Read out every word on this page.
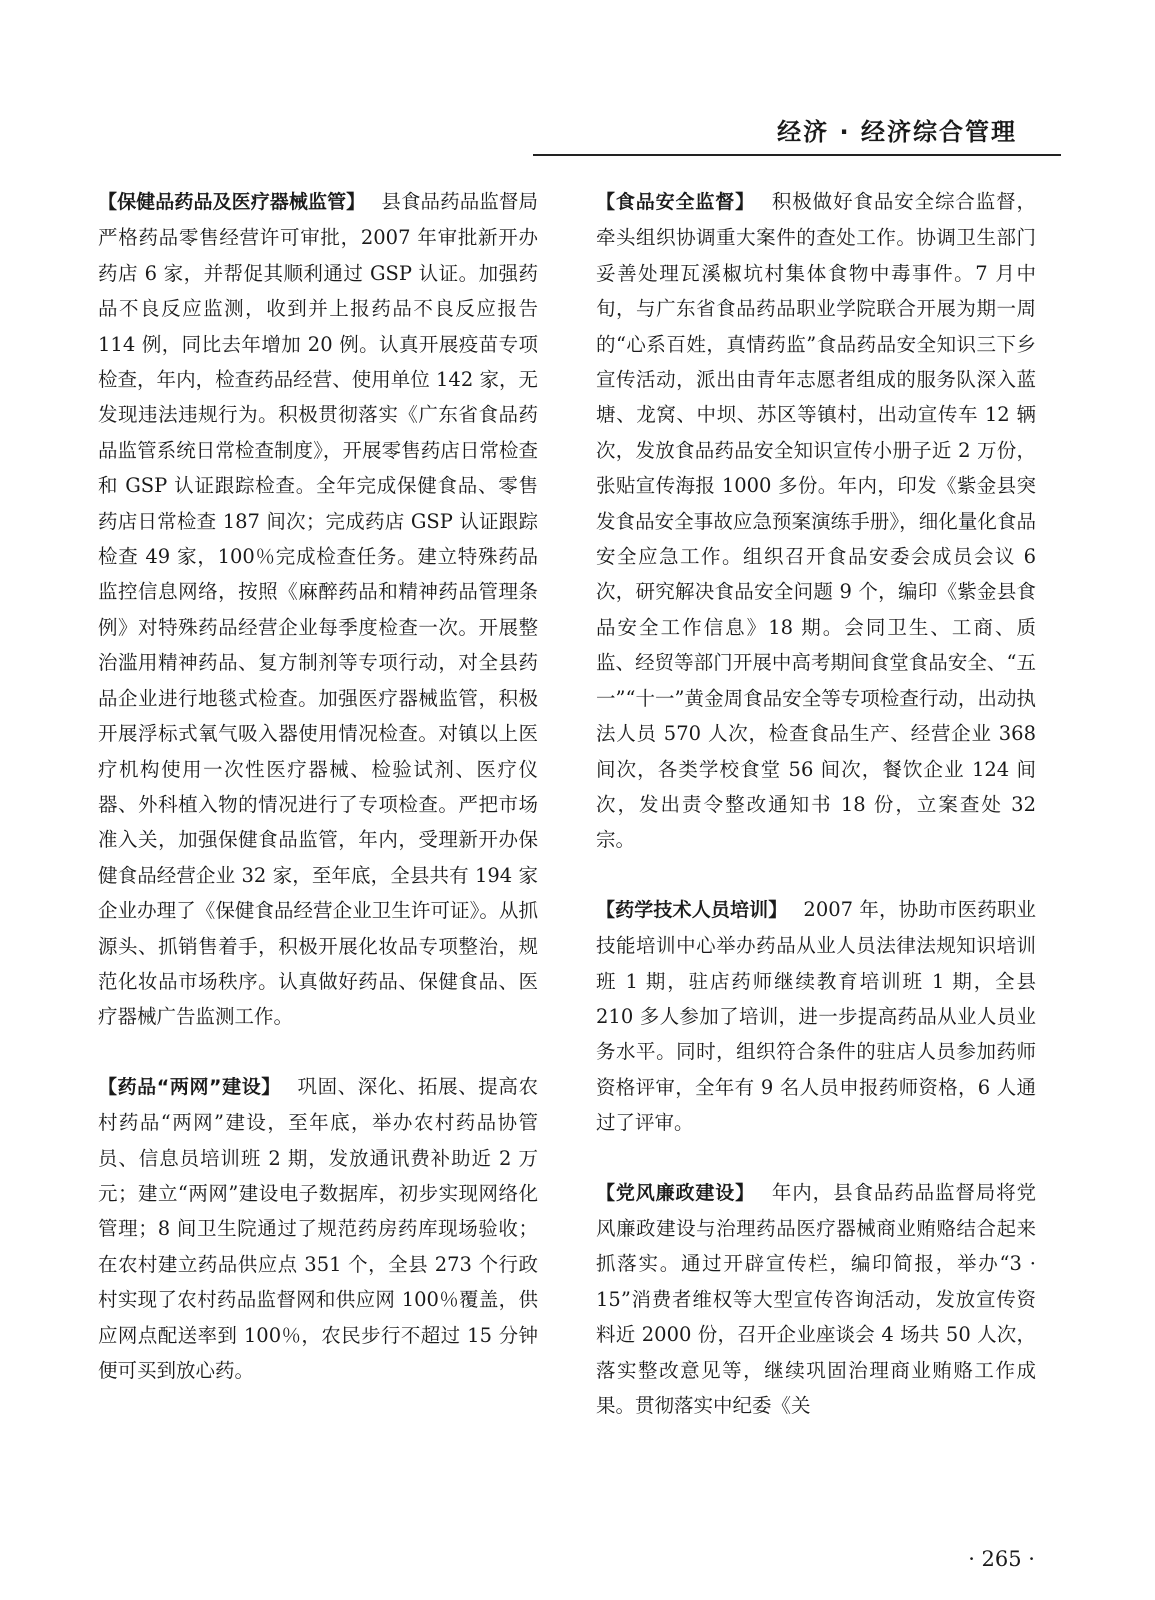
经济 · 经济综合管理

【保健品药品及医疗器械监管】 县食品药品监督局严格药品零售经营许可审批，2007 年审批新开办药店 6 家，并帮促其顺利通过 GSP 认证。加强药品不良反应监测，收到并上报药品不良反应报告 114 例，同比去年增加 20 例。认真开展疫苗专项检查，年内，检查药品经营、使用单位 142 家，无发现违法违规行为。积极贯彻落实《广东省食品药品监管系统日常检查制度》，开展零售药店日常检查和 GSP 认证跟踪检查。全年完成保健食品、零售药店日常检查 187 间次；完成药店 GSP 认证跟踪检查 49 家，100％完成检查任务。建立特殊药品监控信息网络，按照《麻醉药品和精神药品管理条例》对特殊药品经营企业每季度检查一次。开展整治滥用精神药品、复方制剂等专项行动，对全县药品企业进行地毯式检查。加强医疗器械监管，积极开展浮标式氧气吸入器使用情况检查。对镇以上医疗机构使用一次性医疗器械、检验试剂、医疗仪器、外科植入物的情况进行了专项检查。严把市场准入关，加强保健食品监管，年内，受理新开办保健食品经营企业 32 家，至年底，全县共有 194 家企业办理了《保健食品经营企业卫生许可证》。从抓源头、抓销售着手，积极开展化妆品专项整治，规范化妆品市场秩序。认真做好药品、保健食品、医疗器械广告监测工作。

【药品“两网”建设】 巩固、深化、拓展、提高农村药品“两网”建设，至年底，举办农村药品协管员、信息员培训班 2 期，发放通讯费补助近 2 万元；建立“两网”建设电子数据库，初步实现网络化管理；8 间卫生院通过了规范药房药库现场验收；在农村建立药品供应点 351 个，全县 273 个行政村实现了农村药品监督网和供应网 100％覆盖，供应网点配送率到 100％，农民步行不超过 15 分钟便可买到放心药。

【食品安全监督】 积极做好食品安全综合监督，牵头组织协调重大案件的查处工作。协调卫生部门妥善处理瓦溪椒坑村集体食物中毒事件。7 月中旬，与广东省食品药品职业学院联合开展为期一周的“心系百姓，真情药监”食品药品安全知识三下乡宣传活动，派出由青年志愿者组成的服务队深入蓝塘、龙窝、中坝、苏区等镇村，出动宣传车 12 辆次，发放食品药品安全知识宣传小册子近 2 万份，张贴宣传海报 1000 多份。年内，印发《紫金县突发食品安全事故应急预案演练手册》，细化量化食品安全应急工作。组织召开食品安委会成员会议 6 次，研究解决食品安全问题 9 个，编印《紫金县食品安全工作信息》18 期。会同卫生、工商、质监、经贸等部门开展中高考期间食堂食品安全、“五一”“十一”黄金周食品安全等专项检查行动，出动执法人员 570 人次，检查食品生产、经营企业 368 间次，各类学校食堂 56 间次，餐饮企业 124 间次，发出责令整改通知书 18 份，立案查处 32 宗。

【药学技术人员培训】 2007 年，协助市医药职业技能培训中心举办药品从业人员法律法规知识培训班 1 期，驻店药师继续教育培训班 1 期，全县 210 多人参加了培训，进一步提高药品从业人员业务水平。同时，组织符合条件的驻店人员参加药师资格评审，全年有 9 名人员申报药师资格，6 人通过了评审。

【党风廉政建设】 年内，县食品药品监督局将党风廉政建设与治理药品医疗器械商业贿赂结合起来抓落实。通过开辟宣传栏，编印简报，举办“3 · 15”消费者维权等大型宣传咨询活动，发放宣传资料近 2000 份，召开企业座谈会 4 场共 50 人次，落实整改意见等，继续巩固治理商业贿赂工作成果。贯彻落实中纪委《关

· 265 ·
